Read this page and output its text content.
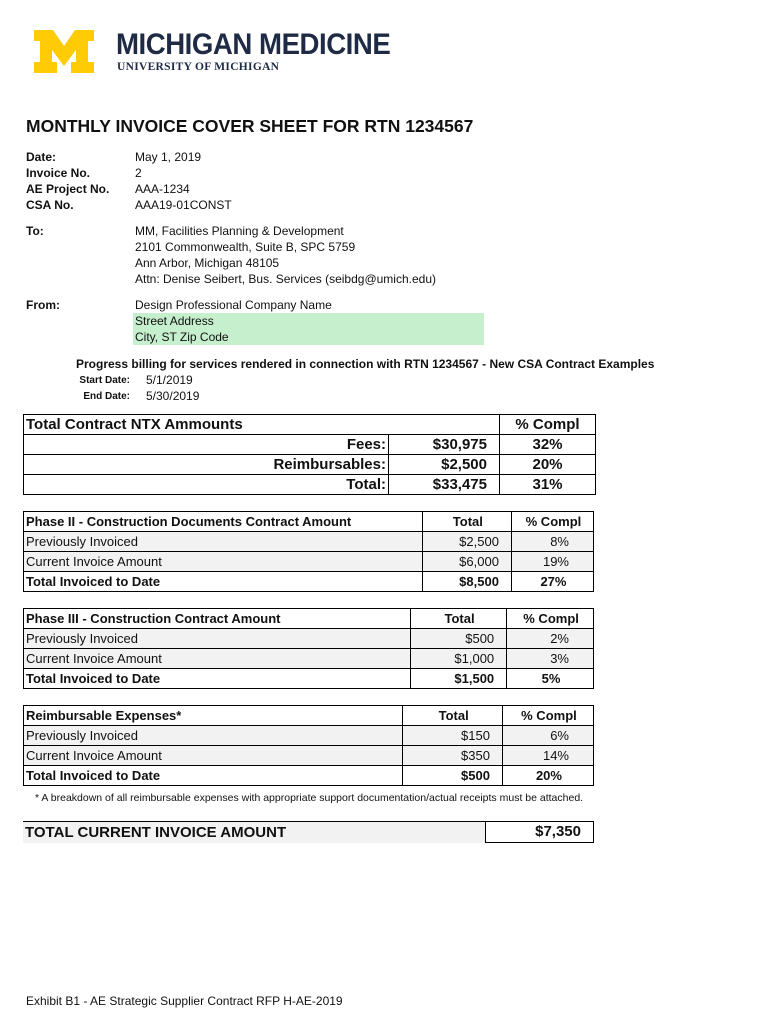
MICHIGAN MEDICINE
UNIVERSITY OF MICHIGAN
MONTHLY INVOICE COVER SHEET FOR RTN 1234567
Date:	May 1, 2019
Invoice No.	2
AE Project No. AAA-1234
CSA No.	AAA19-01CONST
To:	MM, Facilities Planning & Development
2101 Commonwealth, Suite B, SPC 5759
Ann Arbor, Michigan 48105
Attn: Denise Seibert, Bus. Services (seibdg@umich.edu)
From:	Design Professional Company Name
Street Address
City, ST Zip Code
Progress billing for services rendered in connection with RTN 1234567 - New CSA Contract Examples
Start Date: 5/1/2019
End Date: 5/30/2019
Total Contract NTX Ammounts		% Compl
Fees:	$30,975	32%
Reimbursables:	$2,500	20%
Total:	$33,475	31%
Phase II - Construction Documents Contract Amount	Total	% Compl
Previously Invoiced	$2,500	8%
Current Invoice Amount	$6,000	19%
Total Invoiced to Date	$8,500	27%
Phase III - Construction Contract Amount	Total	% Compl
Previously Invoiced	$500	2%
Current Invoice Amount	$1,000	3%
Total Invoiced to Date	$1,500	5%
Reimbursable Expenses*	Total	% Compl
Previously Invoiced	$150	6%
Current Invoice Amount	$350	14%
Total Invoiced to Date	$500	20%
* A breakdown of all reimbursable expenses with appropriate support documentation/actual receipts must be attached.
TOTAL CURRENT INVOICE AMOUNT	$7,350
Exhibit B1 - AE Strategic Supplier Contract RFP H-AE-2019
